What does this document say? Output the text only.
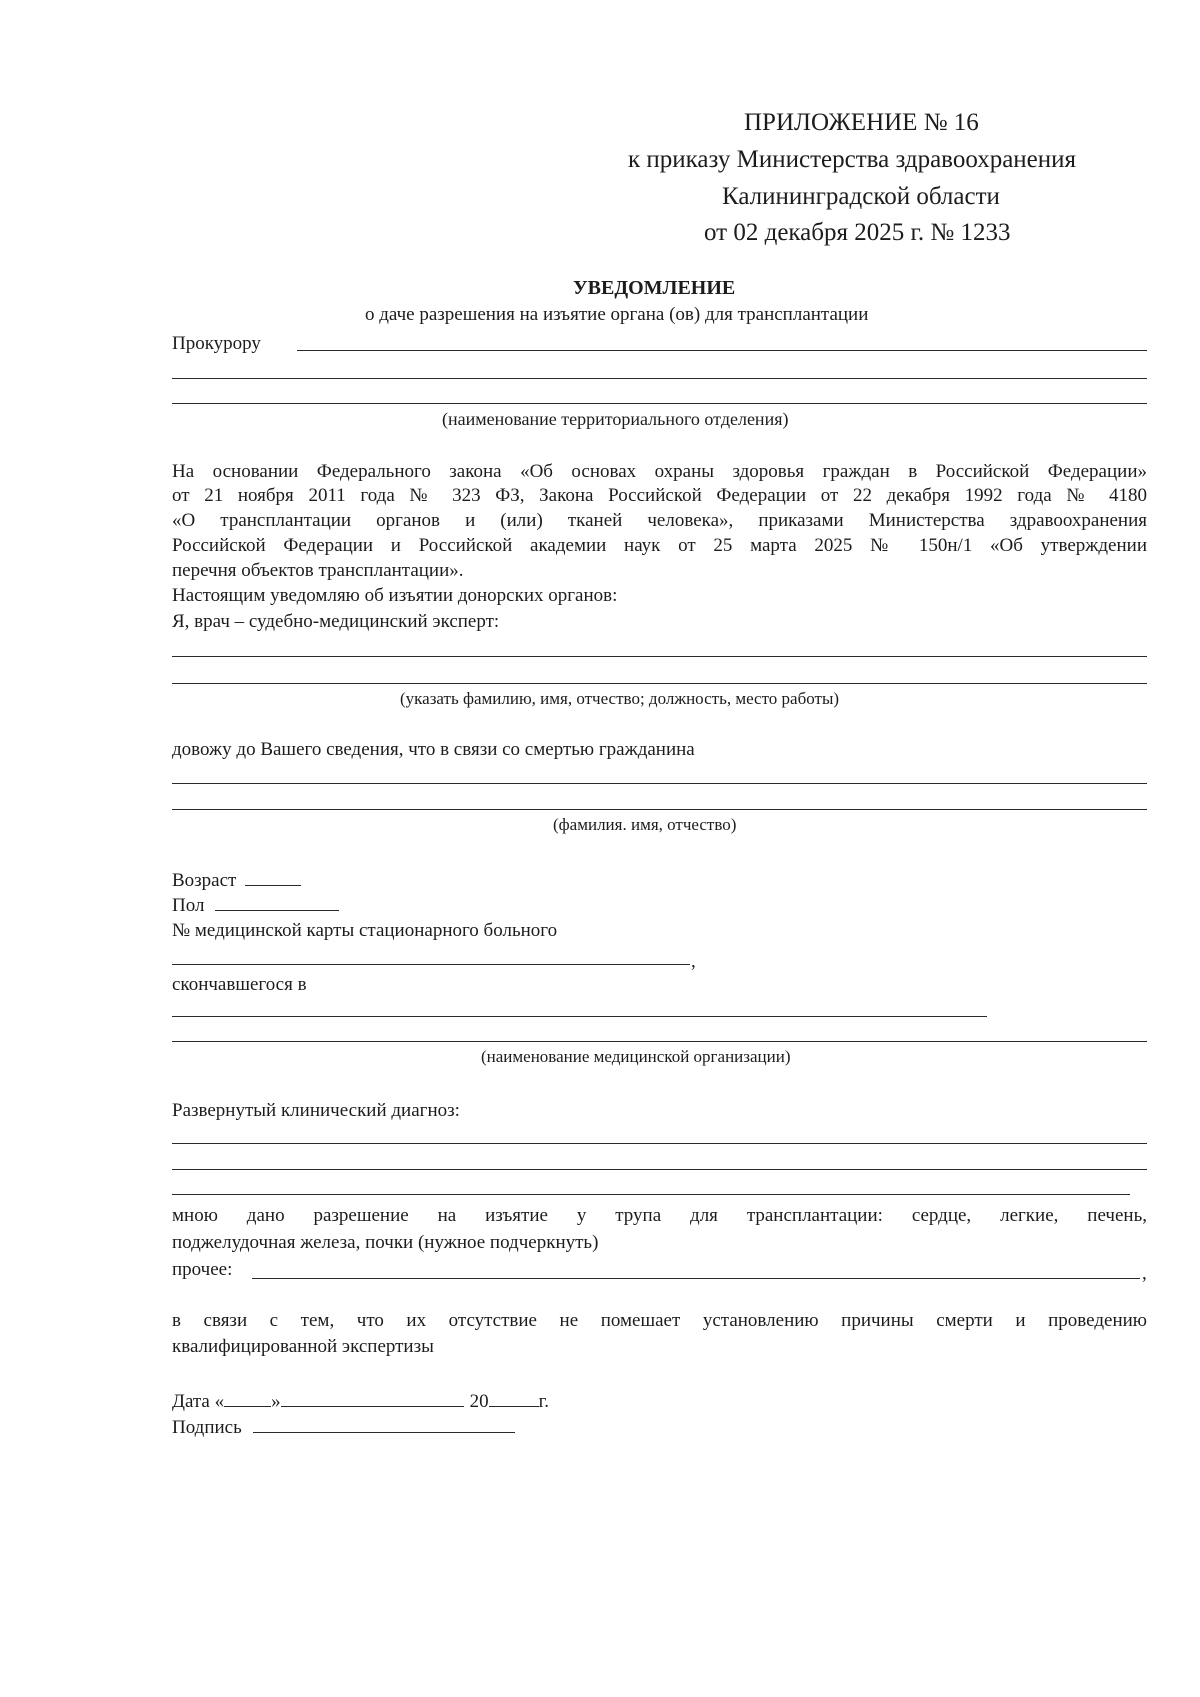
ПРИЛОЖЕНИЕ № 16
к приказу Министерства здравоохранения
Калининградской области
от 02 декабря 2025 г. № 1233
УВЕДОМЛЕНИЕ
о даче разрешения на изъятие органа (ов) для трансплантации
Прокурору
(наименование территориального отделения)
На основании Федерального закона «Об основах охраны здоровья граждан в Российской Федерации»
от 21 ноября 2011 года № 323 ФЗ, Закона Российской Федерации от 22 декабря 1992 года № 4180
«О трансплантации органов и (или) тканей человека», приказами Министерства здравоохранения
Российской Федерации и Российской академии наук от 25 марта 2025 № 150н/1 «Об утверждении
перечня объектов трансплантации».
Настоящим уведомляю об изъятии донорских органов:
Я, врач – судебно-медицинский эксперт:
(указать фамилию, имя, отчество; должность, место работы)
довожу до Вашего сведения, что в связи со смертью гражданина
(фамилия. имя, отчество)
Возраст
Пол
№ медицинской карты стационарного больного
,
скончавшегося в
(наименование медицинской организации)
Развернутый клинический диагноз:
мною дано разрешение на изъятие у трупа для трансплантации: сердце, легкие, печень,
поджелудочная железа, почки (нужное подчеркнуть)
прочее:	,
в связи с тем, что их отсутствие не помешает установлению причины смерти и проведению
квалифицированной экспертизы
Дата « »	20	г.
Подпись
